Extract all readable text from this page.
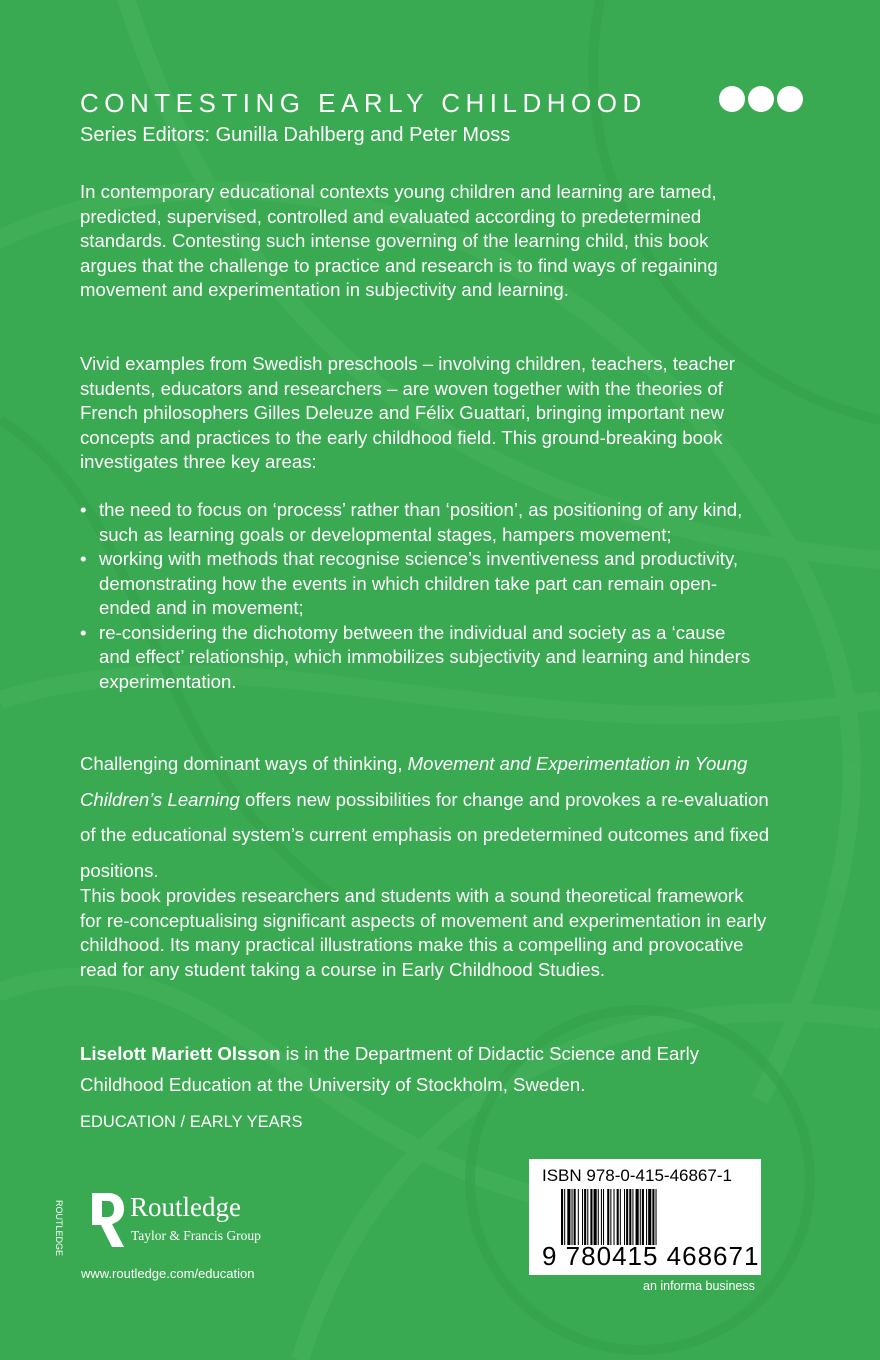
CONTESTING EARLY CHILDHOOD
Series Editors: Gunilla Dahlberg and Peter Moss

In contemporary educational contexts young children and learning are tamed, predicted, supervised, controlled and evaluated according to predetermined standards. Contesting such intense governing of the learning child, this book argues that the challenge to practice and research is to find ways of regaining movement and experimentation in subjectivity and learning.

Vivid examples from Swedish preschools – involving children, teachers, teacher students, educators and researchers – are woven together with the theories of French philosophers Gilles Deleuze and Félix Guattari, bringing important new concepts and practices to the early childhood field. This ground-breaking book investigates three key areas:

• the need to focus on ‘process’ rather than ‘position’, as positioning of any kind, such as learning goals or developmental stages, hampers movement;
• working with methods that recognise science’s inventiveness and productivity, demonstrating how the events in which children take part can remain open-ended and in movement;
• re-considering the dichotomy between the individual and society as a ‘cause and effect’ relationship, which immobilizes subjectivity and learning and hinders experimentation.

Challenging dominant ways of thinking, Movement and Experimentation in Young Children’s Learning offers new possibilities for change and provokes a re-evaluation of the educational system’s current emphasis on predetermined outcomes and fixed positions.

This book provides researchers and students with a sound theoretical framework for re-conceptualising significant aspects of movement and experimentation in early childhood. Its many practical illustrations make this a compelling and provocative read for any student taking a course in Early Childhood Studies.

Liselott Mariett Olsson is in the Department of Didactic Science and Early Childhood Education at the University of Stockholm, Sweden.

EDUCATION / EARLY YEARS
ROUTLEDGE Routledge
Taylor & Francis Group
www.routledge.com/education
ISBN 978-0-415-46867-1
9 780415 468671
an informa business
